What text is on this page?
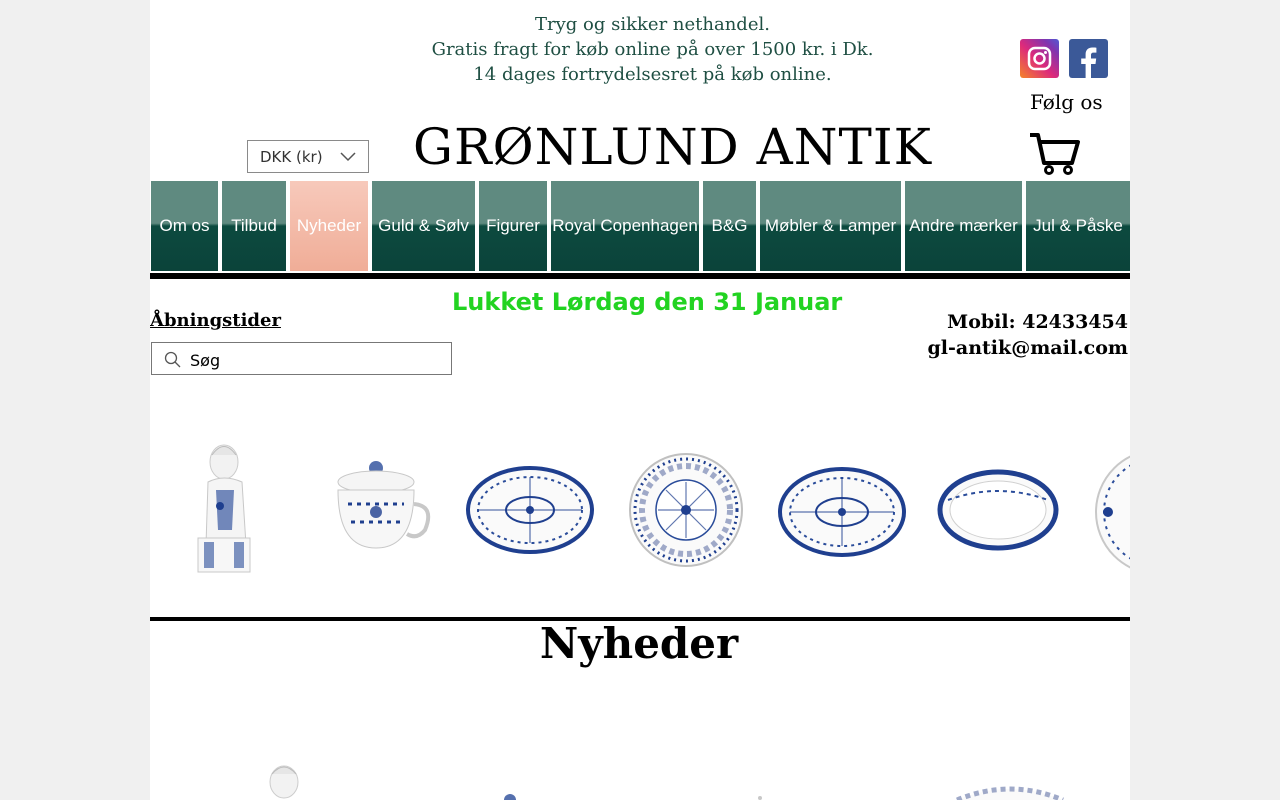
Tryg og sikker nethandel.
Gratis fragt for køb online på over 1500 kr. i Dk.
14 dages fortrydelsesret på køb online.
Følg os
DKK (kr)	GRØNLUND ANTIK
Om os	Tilbud	Nyheder	Guld & Sølv	Figurer Royal Copenhagen B&G	Møbler & Lamper Andre mærker Jul & Påske
Lukket Lørdag den 31 Januar
Åbningstider	Mobil: 42433454
gl-antik@mail.com
Søg
Nyheder
